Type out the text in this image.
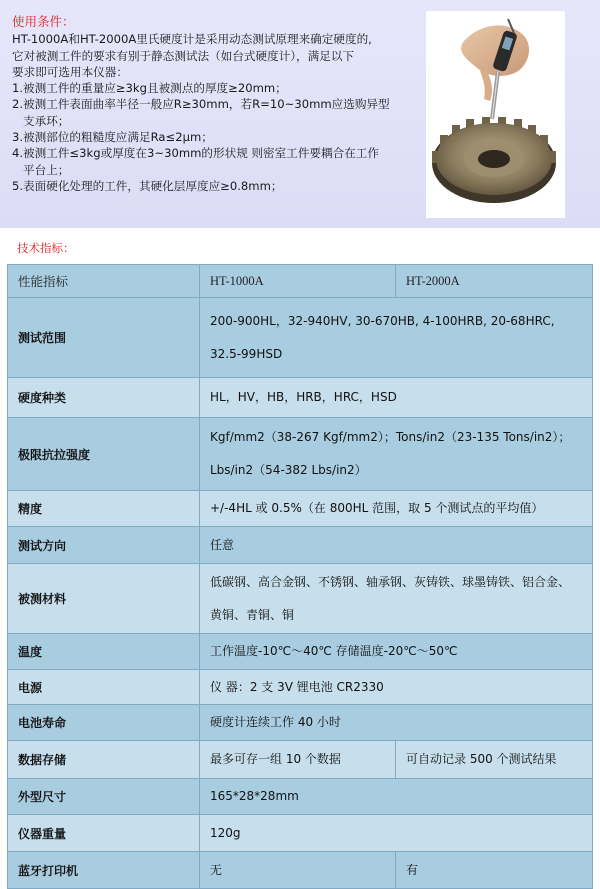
使用条件：

HT-1000A和HT-2000A里氏硬度计是采用动态测试原理来确定硬度的,

它对被测工件的要求有别于静态测试法（如台式硬度计），满足以下

要求即可选用本仪器：

1.被测工件的重量应≥3kg且被测点的厚度≥20mm；

2.被测工件表面曲率半径一般应R≥30mm，若R=10~30mm应选购异型

支承环；

3.被测部位的粗糙度应满足Ra≤2μm；

4.被测工件≤3kg或厚度在3~30mm的形状规 则密室工件要耦合在工作

平台上；

5.表面硬化处理的工件，其硬化层厚度应≥0.8mm；

技术指标：
性能指标	HT-1000A	HT-2000A
测试范围	200-900HL，32-940HV, 30-670HB, 4-100HRB, 20-68HRC,
32.5-99HSD	

硬度种类	HL，HV，HB，HRB，HRC，HSD	
极限抗拉强度	Kgf/mm2（38-267 Kgf/mm2）；Tons/in2（23-135 Tons/in2）；
Lbs/in2（54-382 Lbs/in2）	

精度	+/-4HL 或 0.5%（在 800HL 范围，取 5 个测试点的平均值）	
测试方向	任意	
被测材料	低碳钢、高合金钢、不锈钢、轴承钢、灰铸铁、球墨铸铁、铝合金、
黄铜、青铜、铜	

温度	工作温度-10℃～40℃ 存储温度-20℃～50℃	
电源	仪 器：2 支 3V 锂电池 CR2330	
电池寿命	硬度计连续工作 40 小时	
数据存储	最多可存一组 10 个数据	可自动记录 500 个测试结果
外型尺寸	165*28*28mm	
仪器重量	120g	
蓝牙打印机	无	有
